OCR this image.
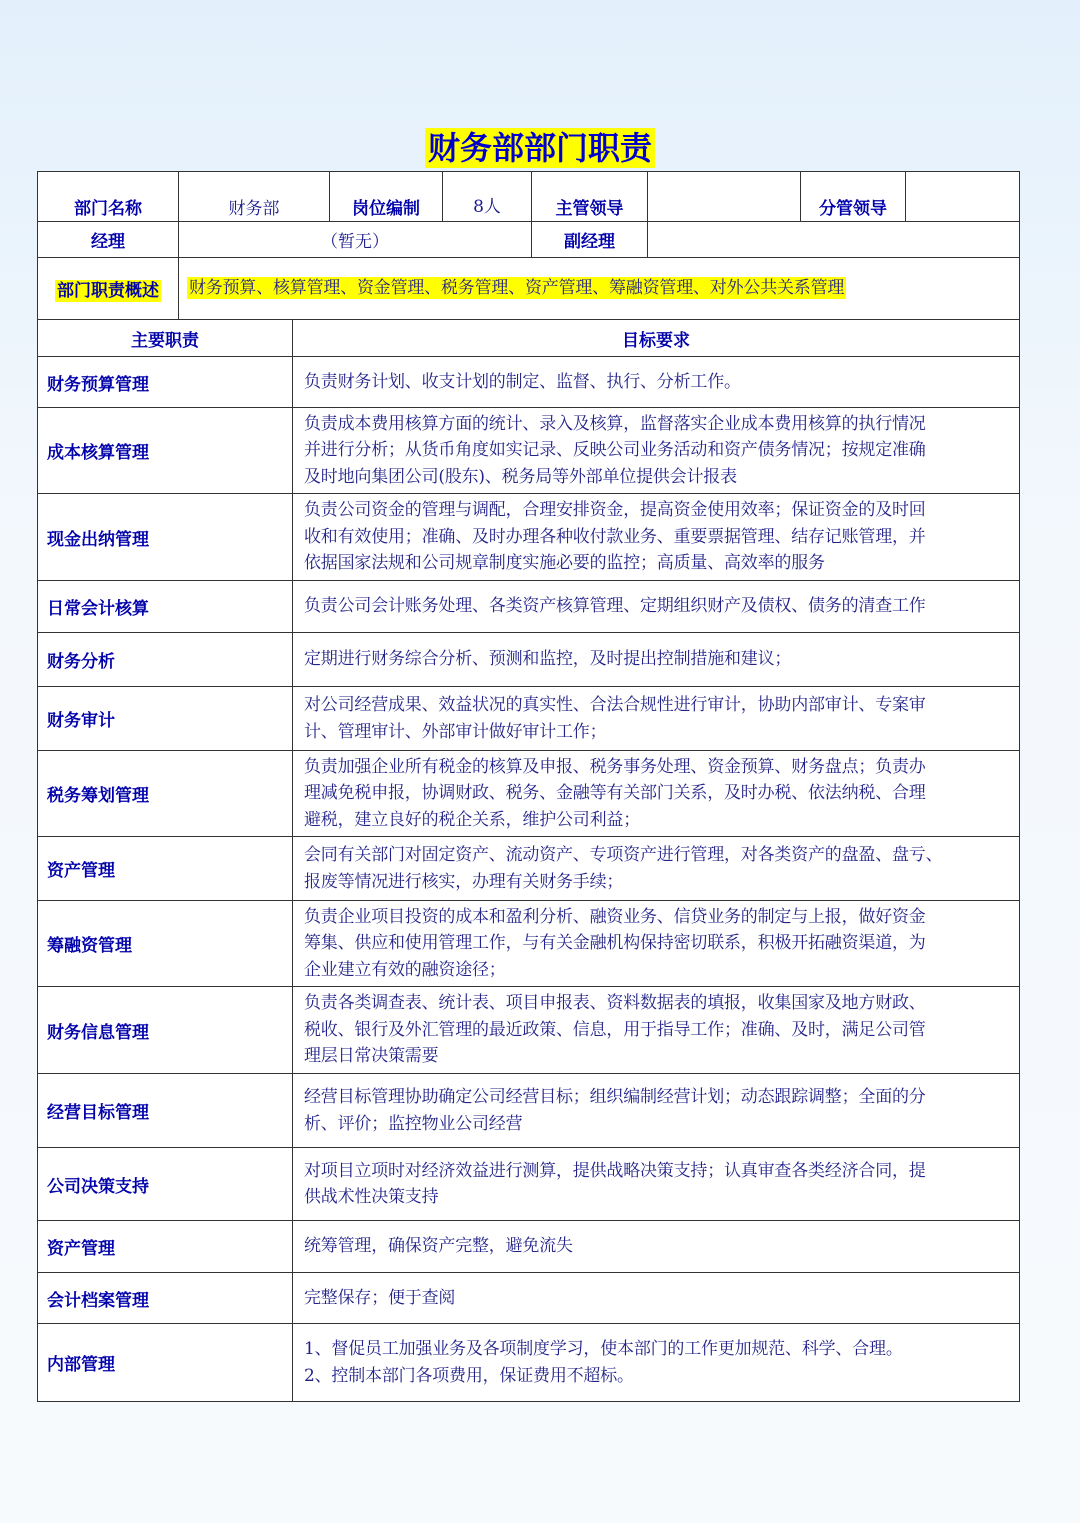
财务部部门职责
部门名称	财务部	岗位编制	8人	主管领导		分管领导	
经理	（暂无）			副经理			
部门职责概述	财务预算、核算管理、资金管理、税务管理、资产管理、筹融资管理、对外公共关系管理						
主要职责	目标要求
财务预算管理	负责财务计划、收支计划的制定、监督、执行、分析工作。

成本核算管理	负责成本费用核算方面的统计、录入及核算，监督落实企业成本费用核算的执行情况
并进行分析；从货币角度如实记录、反映公司业务活动和资产债务情况；按规定准确
及时地向集团公司(股东)、税务局等外部单位提供会计报表

现金出纳管理	负责公司资金的管理与调配，合理安排资金，提高资金使用效率；保证资金的及时回
收和有效使用；准确、及时办理各种收付款业务、重要票据管理、结存记账管理，并
依据国家法规和公司规章制度实施必要的监控；高质量、高效率的服务

日常会计核算	负责公司会计账务处理、各类资产核算管理、定期组织财产及债权、债务的清查工作

财务分析	定期进行财务综合分析、预测和监控，及时提出控制措施和建议；

财务审计	对公司经营成果、效益状况的真实性、合法合规性进行审计，协助内部审计、专案审
计、管理审计、外部审计做好审计工作；

税务筹划管理	负责加强企业所有税金的核算及申报、税务事务处理、资金预算、财务盘点；负责办
理减免税申报，协调财政、税务、金融等有关部门关系，及时办税、依法纳税、合理
避税，建立良好的税企关系，维护公司利益；

资产管理	会同有关部门对固定资产、流动资产、专项资产进行管理，对各类资产的盘盈、盘亏、
报废等情况进行核实，办理有关财务手续；

筹融资管理	负责企业项目投资的成本和盈利分析、融资业务、信贷业务的制定与上报，做好资金
筹集、供应和使用管理工作，与有关金融机构保持密切联系，积极开拓融资渠道，为
企业建立有效的融资途径；

财务信息管理	负责各类调查表、统计表、项目申报表、资料数据表的填报，收集国家及地方财政、
税收、银行及外汇管理的最近政策、信息，用于指导工作；准确、及时，满足公司管
理层日常决策需要

经营目标管理	经营目标管理协助确定公司经营目标；组织编制经营计划；动态跟踪调整；全面的分
析、评价；监控物业公司经营

公司决策支持	对项目立项时对经济效益进行测算，提供战略决策支持；认真审查各类经济合同，提
供战术性决策支持

资产管理	统筹管理，确保资产完整，避免流失

会计档案管理	完整保存；便于查阅

内部管理	1、督促员工加强业务及各项制度学习，使本部门的工作更加规范、科学、合理。
2、控制本部门各项费用，保证费用不超标。
